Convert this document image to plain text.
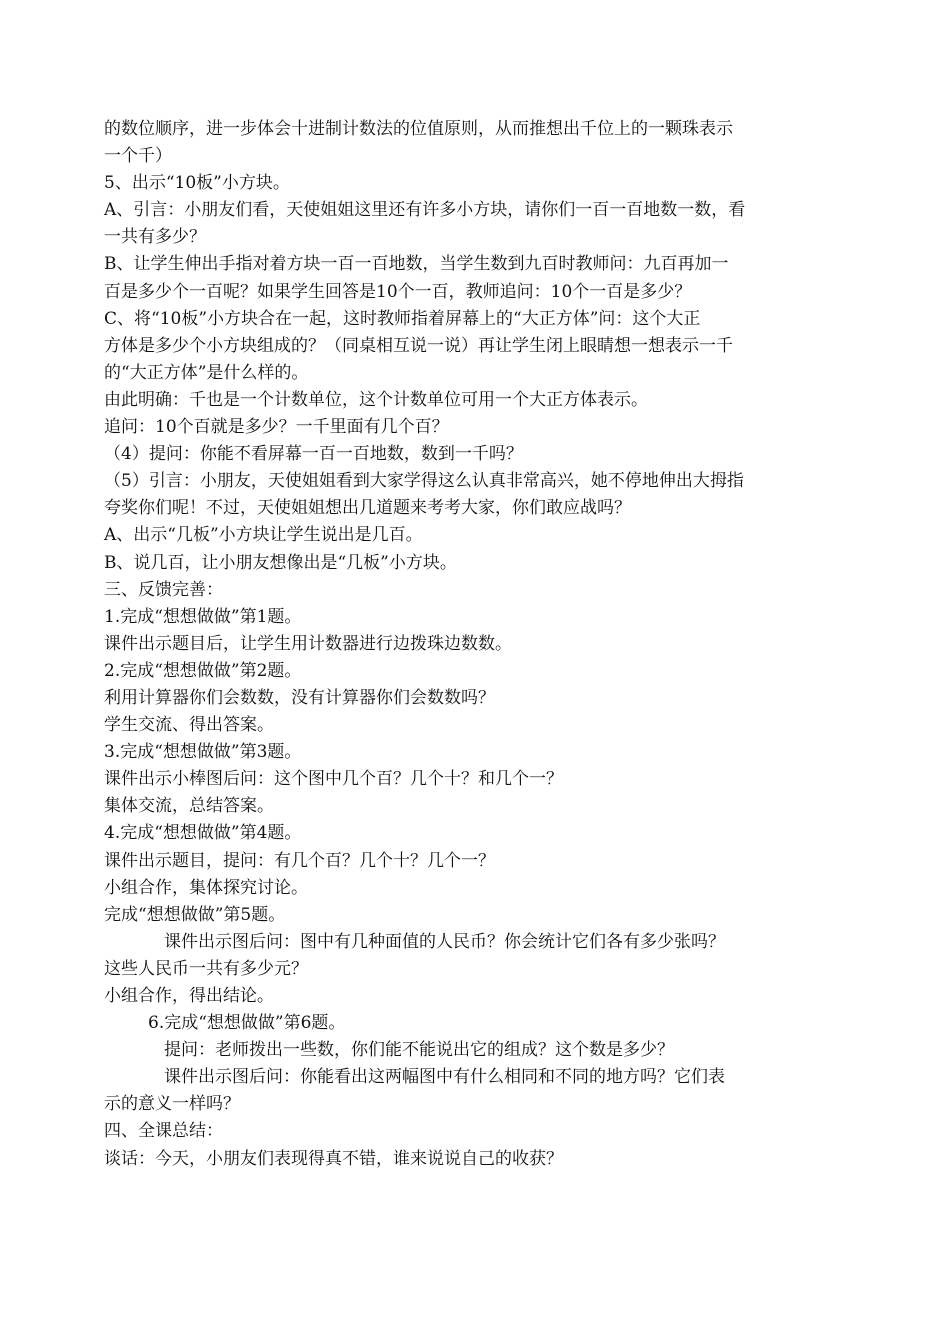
的数位顺序，进一步体会十进制计数法的位值原则，从而推想出千位上的一颗珠表示
一个千）
5、出示“10板”小方块。
A、引言：小朋友们看，天使姐姐这里还有许多小方块，请你们一百一百地数一数，看
一共有多少？
B、让学生伸出手指对着方块一百一百地数，当学生数到九百时教师问：九百再加一
百是多少个一百呢？如果学生回答是10个一百，教师追问：10个一百是多少？
C、将“10板”小方块合在一起，这时教师指着屏幕上的“大正方体”问：这个大正
方体是多少个小方块组成的？（同桌相互说一说）再让学生闭上眼睛想一想表示一千
的“大正方体”是什么样的。
由此明确：千也是一个计数单位，这个计数单位可用一个大正方体表示。
追问：10个百就是多少？一千里面有几个百？
（4）提问：你能不看屏幕一百一百地数，数到一千吗？
（5）引言：小朋友，天使姐姐看到大家学得这么认真非常高兴，她不停地伸出大拇指
夸奖你们呢！不过，天使姐姐想出几道题来考考大家，你们敢应战吗？
A、出示“几板”小方块让学生说出是几百。
B、说几百，让小朋友想像出是“几板”小方块。
三、反馈完善：
1.完成“想想做做”第1题。
课件出示题目后，让学生用计数器进行边拨珠边数数。
2.完成“想想做做”第2题。
利用计算器你们会数数，没有计算器你们会数数吗？
学生交流、得出答案。
3.完成“想想做做”第3题。
课件出示小棒图后问：这个图中几个百？几个十？和几个一？
集体交流，总结答案。
4.完成“想想做做”第4题。
课件出示题目，提问：有几个百？几个十？几个一？
小组合作，集体探究讨论。
完成“想想做做”第5题。
课件出示图后问：图中有几种面值的人民币？你会统计它们各有多少张吗？
这些人民币一共有多少元？
小组合作，得出结论。
6.完成“想想做做”第6题。
提问：老师拨出一些数，你们能不能说出它的组成？这个数是多少？
课件出示图后问：你能看出这两幅图中有什么相同和不同的地方吗？它们表
示的意义一样吗？
四、全课总结：
谈话：今天，小朋友们表现得真不错，谁来说说自己的收获？
